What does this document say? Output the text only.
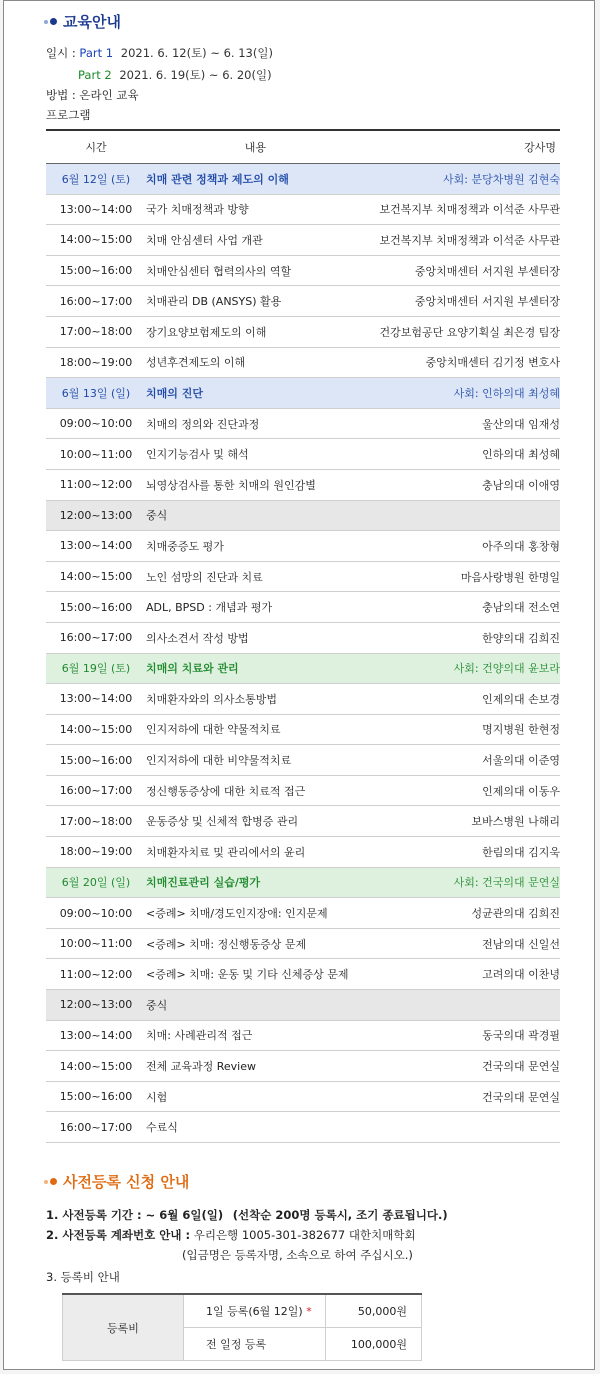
교육안내
일시 : Part 1 2021. 6. 12(토) ~ 6. 13(일)
Part 2 2021. 6. 19(토) ~ 6. 20(일)
방법 : 온라인 교육
프로그램
시간	내용	강사명
6월 12일 (토)	치매 관련 정책과 제도의 이해	사회: 분당차병원 김현숙
13:00~14:00	국가 치매정책과 방향	보건복지부 치매정책과 이석준 사무관
14:00~15:00	치매 안심센터 사업 개관	보건복지부 치매정책과 이석준 사무관
15:00~16:00	치매안심센터 협력의사의 역할	중앙치매센터 서지원 부센터장
16:00~17:00	치매관리 DB (ANSYS) 활용	중앙치매센터 서지원 부센터장
17:00~18:00	장기요양보험제도의 이해	건강보험공단 요양기획실 최은경 팀장
18:00~19:00	성년후견제도의 이해	중앙치매센터 김기정 변호사
6월 13일 (일)	치매의 진단	사회: 인하의대 최성혜
09:00~10:00	치매의 정의와 진단과정	울산의대 임재성
10:00~11:00	인지기능검사 및 해석	인하의대 최성혜
11:00~12:00	뇌영상검사를 통한 치매의 원인감별	충남의대 이애영
12:00~13:00	중식	
13:00~14:00	치매중증도 평가	아주의대 홍창형
14:00~15:00	노인 섬망의 진단과 치료	마음사랑병원 한명일
15:00~16:00	ADL, BPSD : 개념과 평가	충남의대 전소연
16:00~17:00	의사소견서 작성 방법	한양의대 김희진
6월 19일 (토)	치매의 치료와 관리	사회: 건양의대 윤보라
13:00~14:00	치매환자와의 의사소통방법	인제의대 손보경
14:00~15:00	인지저하에 대한 약물적치료	명지병원 한현정
15:00~16:00	인지저하에 대한 비약물적치료	서울의대 이준영
16:00~17:00	정신행동증상에 대한 치료적 접근	인제의대 이동우
17:00~18:00	운동증상 및 신체적 합병증 관리	보바스병원 나해리
18:00~19:00	치매환자치료 및 관리에서의 윤리	한림의대 김지욱
6월 20일 (일)	치매진료관리 실습/평가	사회: 건국의대 문연실
09:00~10:00	<증례> 치매/경도인지장애: 인지문제	성균관의대 김희진
10:00~11:00	<증례> 치매: 정신행동증상 문제	전남의대 신일선
11:00~12:00	<증례> 치매: 운동 및 기타 신체증상 문제	고려의대 이찬녕
12:00~13:00	중식	
13:00~14:00	치매: 사례관리적 접근	동국의대 곽경필
14:00~15:00	전체 교육과정 Review	건국의대 문연실
15:00~16:00	시험	건국의대 문연실
16:00~17:00	수료식	
사전등록 신청 안내
1. 사전등록 기간 : ~ 6월 6일(일) (선착순 200명 등록시, 조기 종료됩니다.)
2. 사전등록 계좌번호 안내 : 우리은행 1005-301-382677 대한치매학회
(입금명은 등록자명, 소속으로 하여 주십시오.)
3. 등록비 안내
등록비	1일 등록(6월 12일) *	50,000원
	전 일정 등록	100,000원
